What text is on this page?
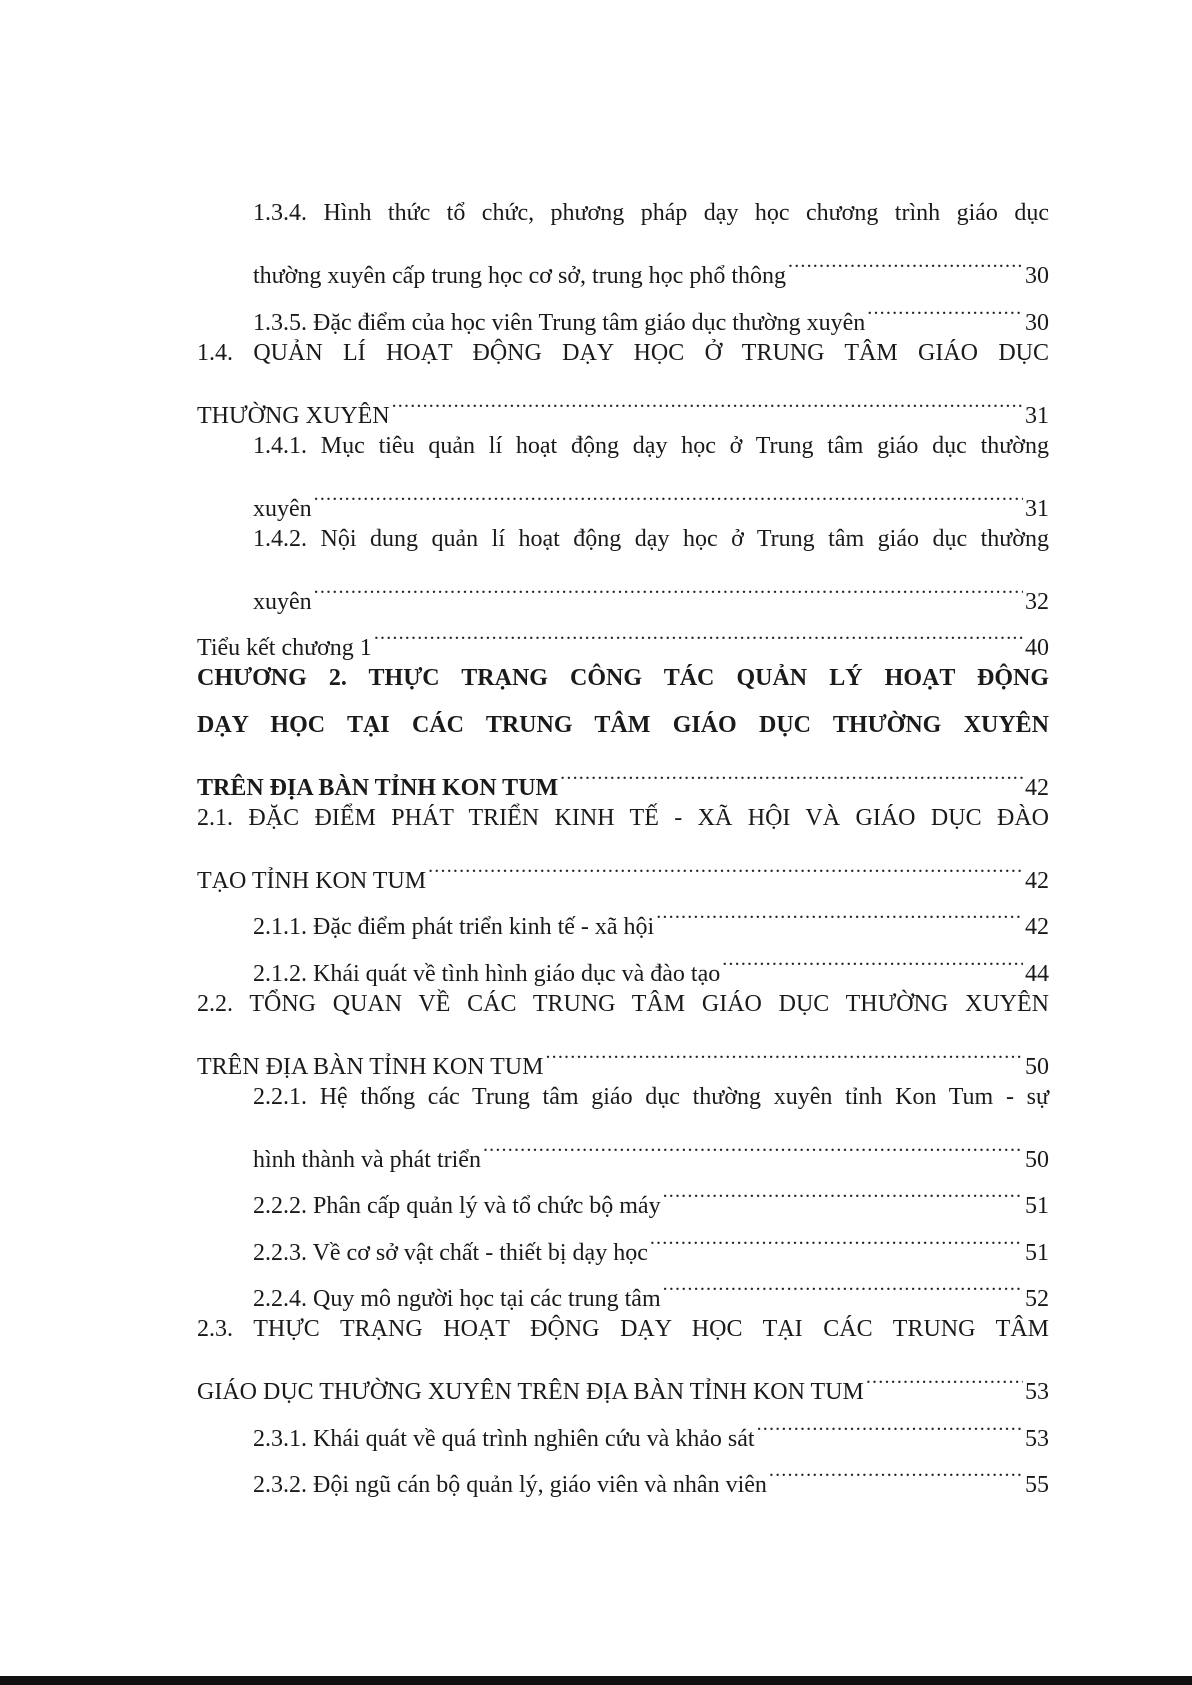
1.3.4. Hình thức tổ chức, phương pháp dạy học chương trình giáo dục
thường xuyên cấp trung học cơ sở, trung học phổ thông .....	30
1.3.5. Đặc điểm của học viên Trung tâm giáo dục thường xuyên .....	30
1.4. QUẢN LÍ HOẠT ĐỘNG DẠY HỌC Ở TRUNG TÂM GIÁO DỤC
THƯỜNG XUYÊN .....	31
1.4.1. Mục tiêu quản lí hoạt động dạy học ở Trung tâm giáo dục thường
xuyên .....	31
1.4.2. Nội dung quản lí hoạt động dạy học ở Trung tâm giáo dục thường
xuyên .....	32
Tiểu kết chương 1 .....	40
CHƯƠNG 2. THỰC TRẠNG CÔNG TÁC QUẢN LÝ HOẠT ĐỘNG
DẠY HỌC TẠI CÁC TRUNG TÂM GIÁO DỤC THƯỜNG XUYÊN
TRÊN ĐỊA BÀN TỈNH KON TUM .....	42
2.1. ĐẶC ĐIỂM PHÁT TRIỂN KINH TẾ - XÃ HỘI VÀ GIÁO DỤC ĐÀO
TẠO TỈNH KON TUM .....	42
2.1.1. Đặc điểm phát triển kinh tế - xã hội .....	42
2.1.2. Khái quát về tình hình giáo dục và đào tạo .....	44
2.2. TỔNG QUAN VỀ CÁC TRUNG TÂM GIÁO DỤC THƯỜNG XUYÊN
TRÊN ĐỊA BÀN TỈNH KON TUM .....	50
2.2.1. Hệ thống các Trung tâm giáo dục thường xuyên tỉnh Kon Tum - sự
hình thành và phát triển .....	50
2.2.2. Phân cấp quản lý và tổ chức bộ máy .....	51
2.2.3. Về cơ sở vật chất - thiết bị dạy học .....	51
2.2.4. Quy mô người học tại các trung tâm .....	52
2.3. THỰC TRẠNG HOẠT ĐỘNG DẠY HỌC TẠI CÁC TRUNG TÂM
GIÁO DỤC THƯỜNG XUYÊN TRÊN ĐỊA BÀN TỈNH KON TUM .....	53
2.3.1. Khái quát về quá trình nghiên cứu và khảo sát .....	53
2.3.2. Đội ngũ cán bộ quản lý, giáo viên và nhân viên .....	55
